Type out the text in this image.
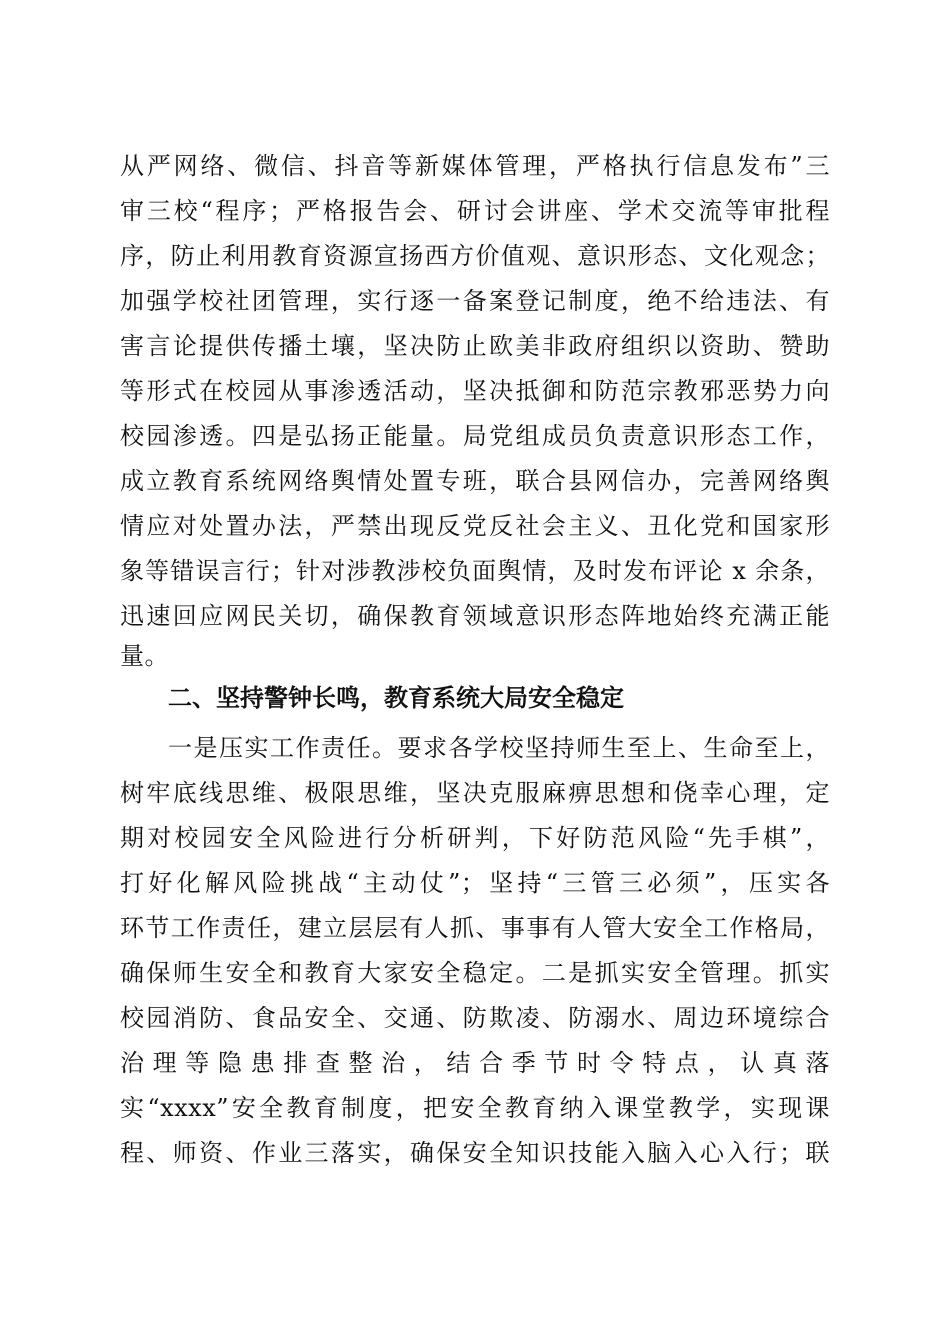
从严网络、微信、抖音等新媒体管理，严格执行信息发布”三
审三校“程序；严格报告会、研讨会讲座、学术交流等审批程
序，防止利用教育资源宣扬西方价值观、意识形态、文化观念；
加强学校社团管理，实行逐一备案登记制度，绝不给违法、有
害言论提供传播土壤，坚决防止欧美非政府组织以资助、赞助
等形式在校园从事渗透活动，坚决抵御和防范宗教邪恶势力向
校园渗透。四是弘扬正能量。局党组成员负责意识形态工作，
成立教育系统网络舆情处置专班，联合县网信办，完善网络舆
情应对处置办法，严禁出现反党反社会主义、丑化党和国家形
象等错误言行；针对涉教涉校负面舆情，及时发布评论 x 余条，
迅速回应网民关切，确保教育领域意识形态阵地始终充满正能
量。
二、坚持警钟长鸣，教育系统大局安全稳定
一是压实工作责任。要求各学校坚持师生至上、生命至上，
树牢底线思维、极限思维，坚决克服麻痹思想和侥幸心理，定
期对校园安全风险进行分析研判，下好防范风险“先手棋”，
打好化解风险挑战“主动仗”；坚持“三管三必须”，压实各
环节工作责任，建立层层有人抓、事事有人管大安全工作格局，
确保师生安全和教育大家安全稳定。二是抓实安全管理。抓实
校园消防、食品安全、交通、防欺凌、防溺水、周边环境综合
治理等隐患排查整治，结合季节时令特点，认真落
实“xxxx”安全教育制度，把安全教育纳入课堂教学，实现课
程、师资、作业三落实，确保安全知识技能入脑入心入行；联
